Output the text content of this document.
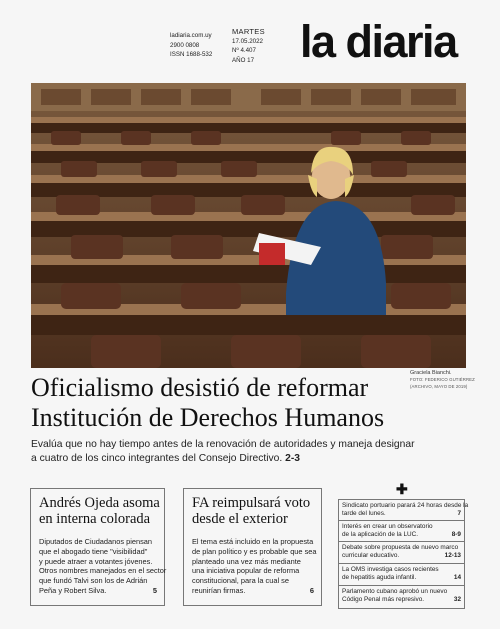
ladiaria.com.uy
2900 0808
ISSN 1688-532
MARTES
17.05.2022
Nº 4.407
AÑO 17 la diaria
Graciela Bianchi.
FOTO: FEDERICO GUTIÉRREZ
(ARCHIVO, MAYO DE 2019)
Oficialismo desistió de reformar
Institución de Derechos Humanos
Evalúa que no hay tiempo antes de la renovación de autoridades y maneja designar
a cuatro de los cinco integrantes del Consejo Directivo. 2-3
Andrés Ojeda asoma
en interna colorada
Diputados de Ciudadanos piensan
que el abogado tiene "visibilidad"
y puede atraer a votantes jóvenes.
Otros nombres manejados en el sector
que fundó Talvi son los de Adrián
Peña y Robert Silva.	5
FA reimpulsará voto
desde el exterior
El tema está incluido en la propuesta
de plan político y es probable que sea
planteado una vez más mediante
una iniciativa popular de reforma
constitucional, para la cual se
reunirían firmas.	6
✚
Sindicato portuario parará 24 horas desde la
tarde del lunes.	7
Interés en crear un observatorio
de la aplicación de la LUC.	8-9
Debate sobre propuesta de nuevo marco
curricular educativo.	12-13
La OMS investiga casos recientes
de hepatitis aguda infantil.	14
Parlamento cubano aprobó un nuevo
Código Penal más represivo.	32
